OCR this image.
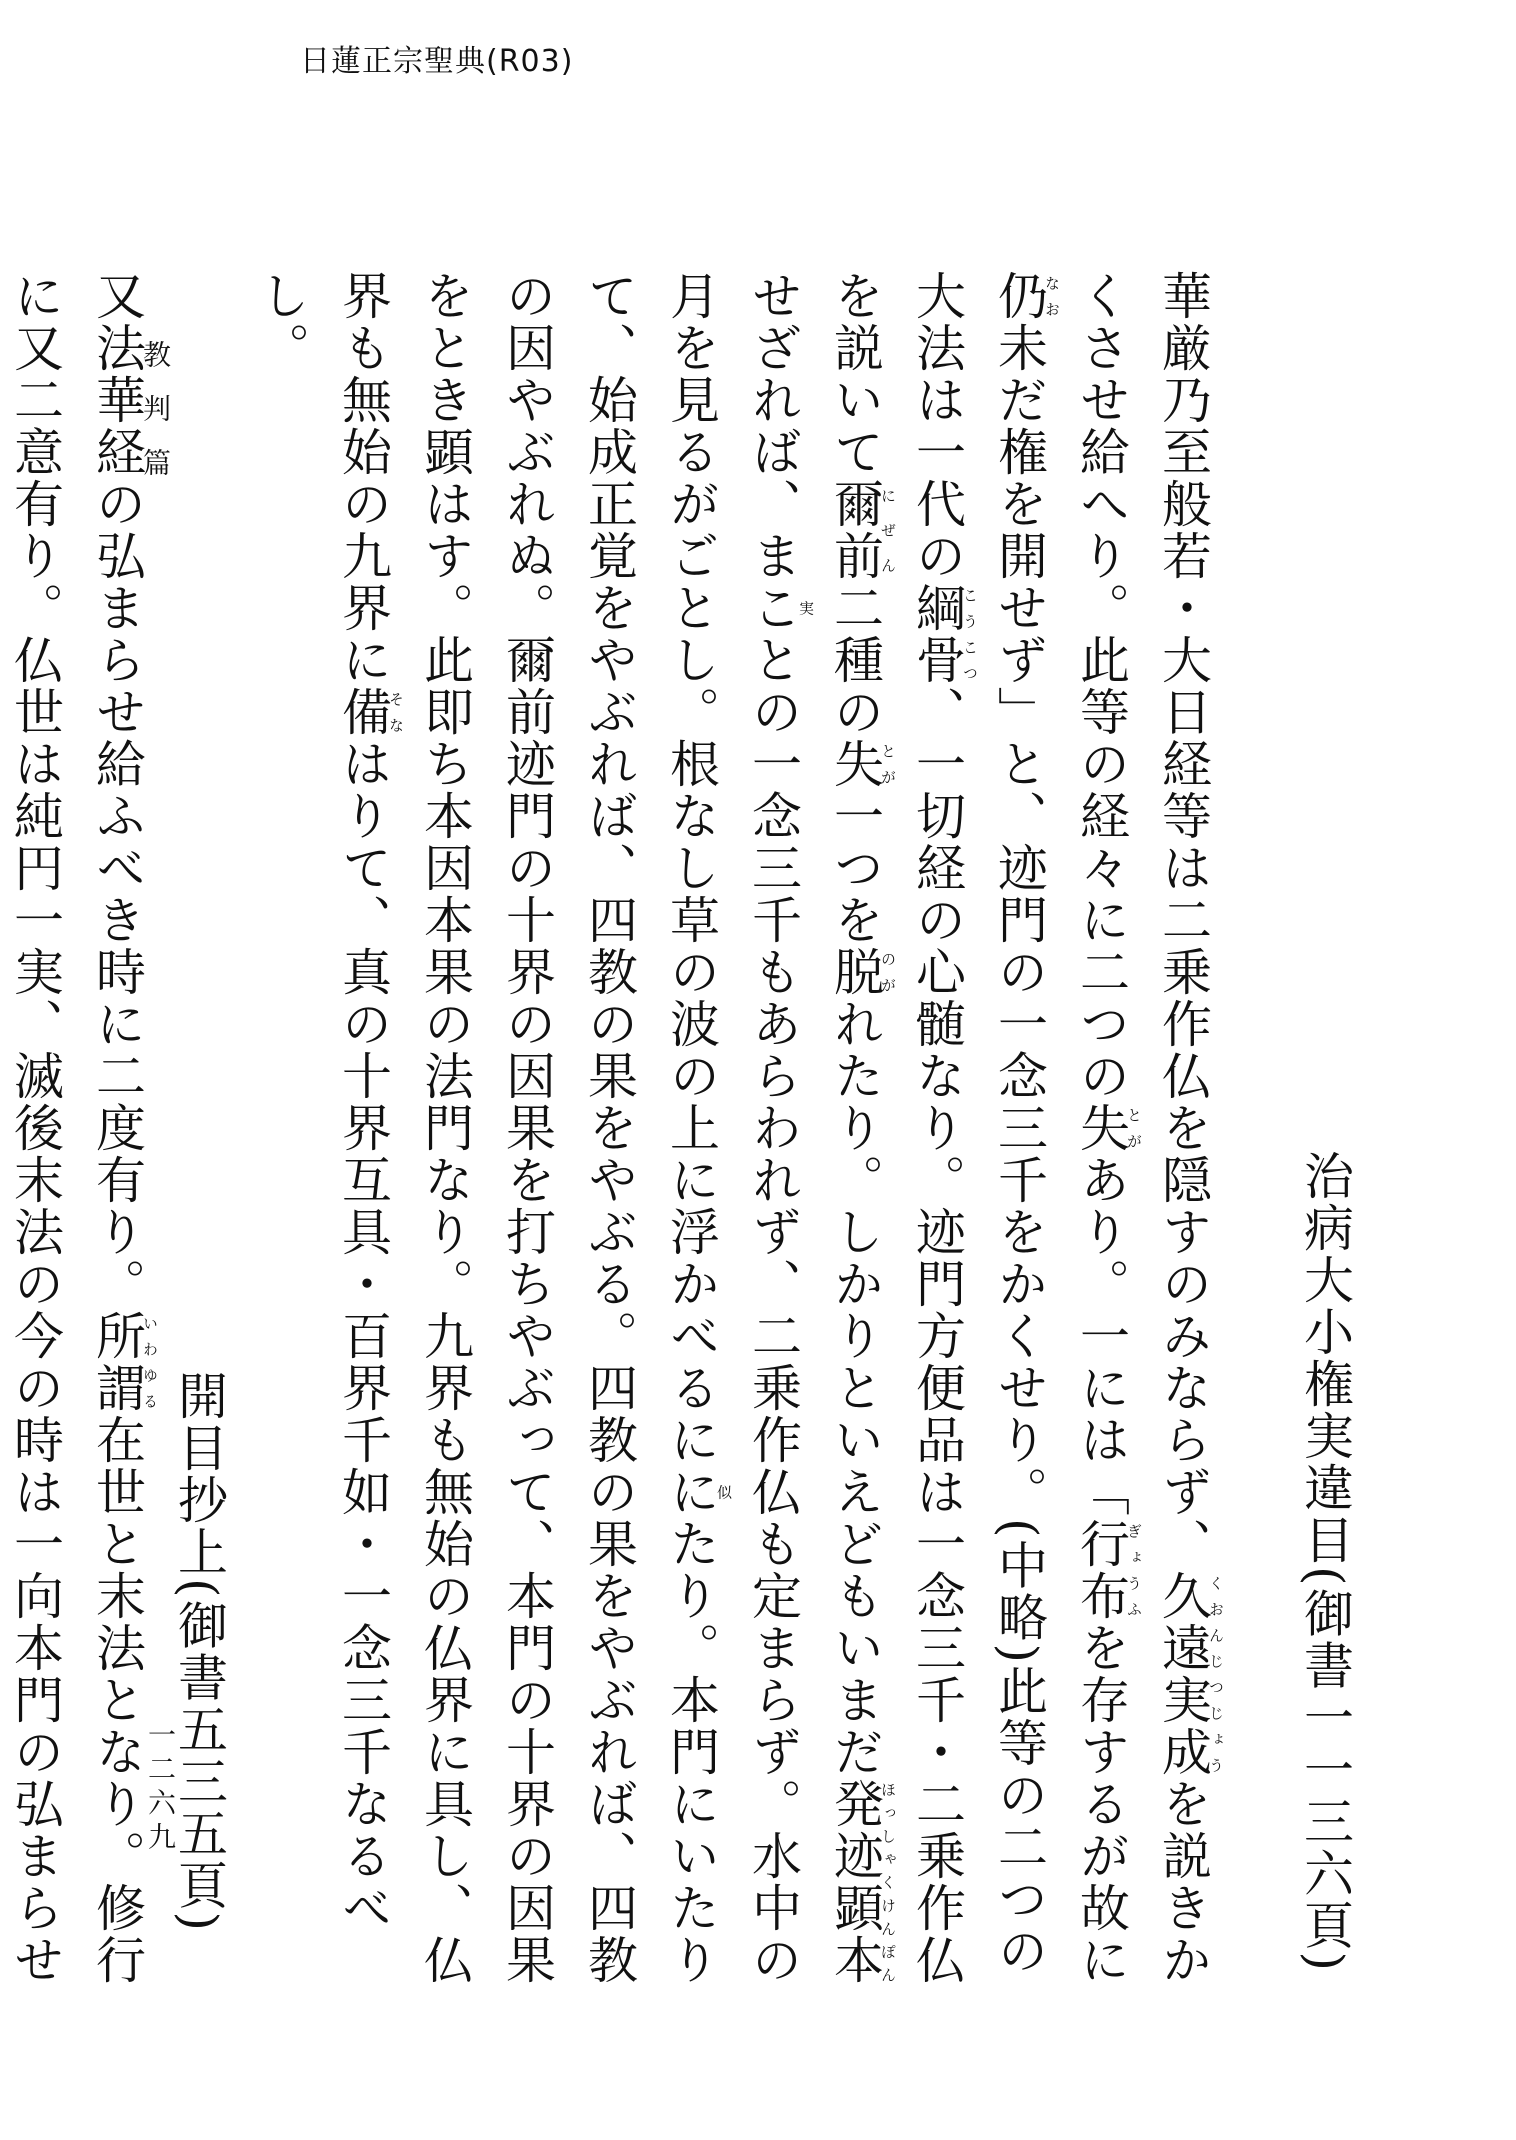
日蓮正宗聖典(R03)

治病大小権実違目(御書一一三六頁)

華厳乃至般若・大日経等は二乗作仏を隠すのみならず、久遠実成くおんじつじょうを説きかくさせ給へり。此等の経々に二つの失とがあり。一には「行布ぎょうふを存するが故に仍なお未だ権を開せず」と、迹門の一念三千をかくせり。(中略)此等の二つの大法は一代の綱骨こうこつ、一切経の心髄なり。迹門方便品は一念三千・二乗作仏を説いて爾前にぜん二種の失とが一つを脱のがれたり。しかりといえどもいまだ発迹顕本ほっしゃくけんぽんせざれば、まこと実の一念三千もあらわれず、二乗作仏も定まらず。水中の月を見るがごとし。根なし草の波の上に浮かべるにに似たり。本門にいたりて、始成正覚をやぶれば、四教の果をやぶる。四教の果をやぶれば、四教の因やぶれぬ。爾前迹門の十界の因果を打ちやぶって、本門の十界の因果をとき顕はす。此即ち本因本果の法門なり。九界も無始の仏界に具し、仏界も無始の九界に備そなはりて、真の十界互具・百界千如・一念三千なるべし。

開目抄上(御書五三五頁)

又法華経の弘まらせ給ふべき時に二度有り。所謂いわゆる在世と末法となり。修行に又二意有り。仏世は純円一実、滅後末法の今の時は一向本門の弘まらせ

教判篇
一二六九
